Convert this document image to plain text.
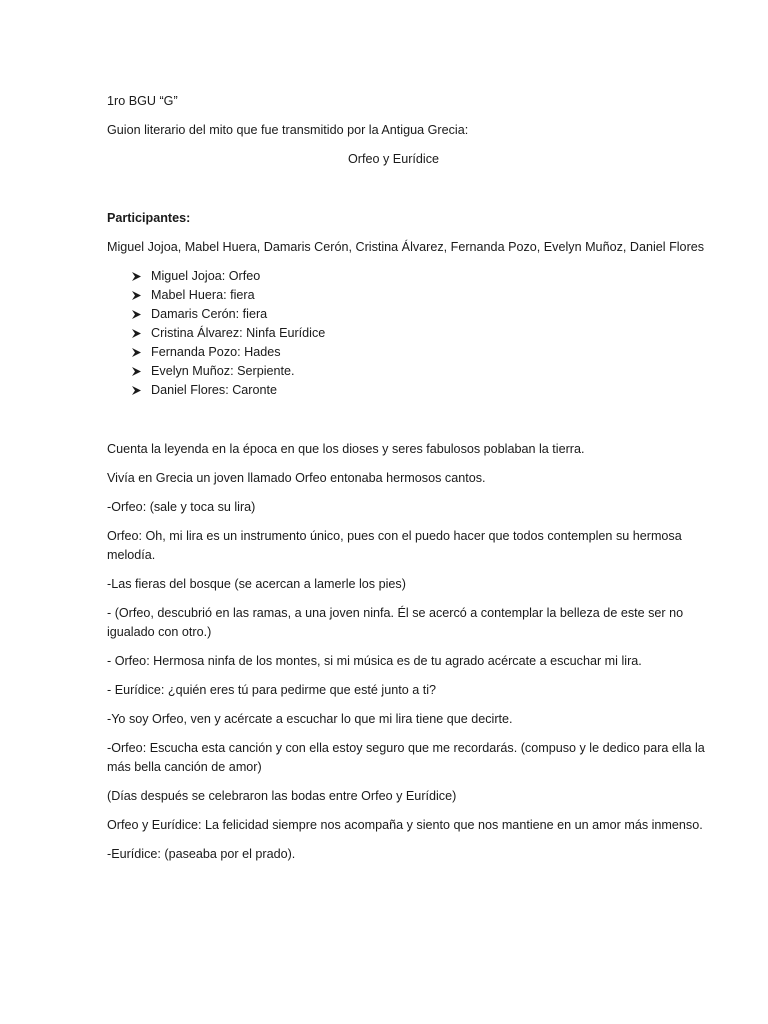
1ro BGU “G”

Guion literario del mito que fue transmitido por la Antigua Grecia:

Orfeo y Eurídice

Participantes:

Miguel Jojoa, Mabel Huera, Damaris Cerón, Cristina Álvarez, Fernanda Pozo, Evelyn Muñoz, Daniel Flores

Miguel Jojoa: Orfeo
Mabel Huera: fiera
Damaris Cerón: fiera
Cristina Álvarez: Ninfa Eurídice
Fernanda Pozo: Hades
Evelyn Muñoz: Serpiente.
Daniel Flores: Caronte

Cuenta la leyenda en la época en que los dioses y seres fabulosos poblaban la tierra.

Vivía en Grecia un joven llamado Orfeo entonaba hermosos cantos.

-Orfeo: (sale y toca su lira)

Orfeo: Oh, mi lira es un instrumento único, pues con el puedo hacer que todos contemplen su hermosa melodía.

-Las fieras del bosque (se acercan a lamerle los pies)

- (Orfeo, descubrió en las ramas, a una joven ninfa. Él se acercó a contemplar la belleza de este ser no igualado con otro.)

- Orfeo: Hermosa ninfa de los montes, si mi música es de tu agrado acércate a escuchar mi lira.

- Eurídice: ¿quién eres tú para pedirme que esté junto a ti?

-Yo soy Orfeo, ven y acércate a escuchar lo que mi lira tiene que decirte.

-Orfeo: Escucha esta canción y con ella estoy seguro que me recordarás. (compuso y le dedico para ella la más bella canción de amor)

(Días después se celebraron las bodas entre Orfeo y Eurídice)

Orfeo y Eurídice: La felicidad siempre nos acompaña y siento que nos mantiene en un amor más inmenso.

-Eurídice: (paseaba por el prado).
